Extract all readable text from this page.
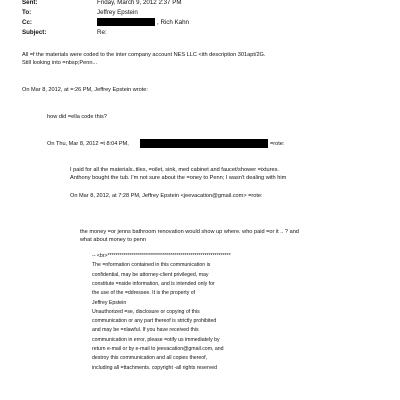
Sent:	Friday, March 9, 2012 2:37 PM
To:	Jeffrey Epstein
Cc:	, Rich Kahn
Subject:	Re:
All =f the materials were coded to the inter company account NES LLC <ith description 301apt/2G.
Still looking into =nbsp;Penn...
On Mar 8, 2012, at =:26 PM, Jeffrey Epstein wrote:
how did =ella code this?
On Thu, Mar 8, 2012 =t 8:04 PM,	=rote:
I paid for all the materials..tiles, =oilet, sink, med cabinet and faucet/shower =ixtures.
Anthony bought the tub. I'm not sure about the =oney to Penn; I wasn't dealing with him
On Mar 8, 2012, at 7:28 PM, Jeffrey Epstein <jeevacation@gmail.com> =rote:
the money =or jenns bathroom renovation would show up where. who paid =or it .. ? and
what about money to penn
-- <br>*************************************************************
The =nformation contained in this communication is
confidential, may be attorney-client privileged, may
constitute =nside information, and is intended only for
the use of the =ddressee. It is the property of
Jeffrey Epstein
Unauthorized =se, disclosure or copying of this
communication or any part thereof is strictly prohibited
and may be =nlawful. If you have received this
communication in error, please =otify us immediately by
return e-mail or by e-mail to jeevacation@gmail.com, and
destroy this communication and all copies thereof,
including all =ttachments. copyright -all rights reserved
